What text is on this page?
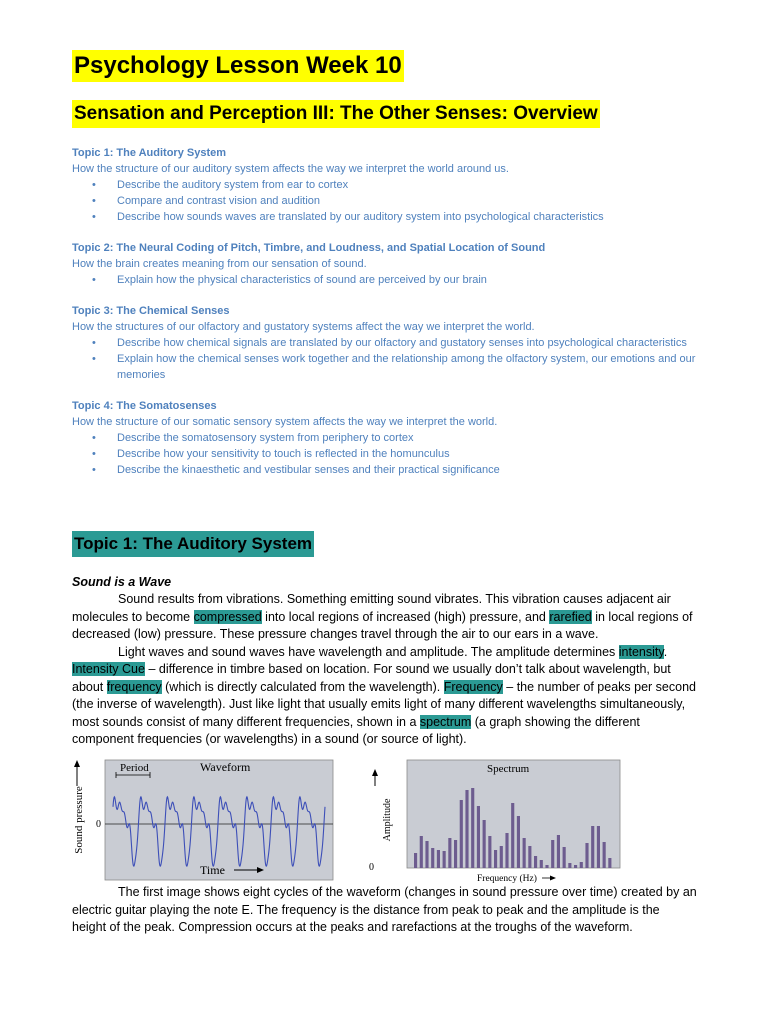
Psychology Lesson Week 10
Sensation and Perception III: The Other Senses: Overview
Topic 1: The Auditory System
How the structure of our auditory system affects the way we interpret the world around us.
• Describe the auditory system from ear to cortex
• Compare and contrast vision and audition
• Describe how sounds waves are translated by our auditory system into psychological characteristics
Topic 2: The Neural Coding of Pitch, Timbre, and Loudness, and Spatial Location of Sound
How the brain creates meaning from our sensation of sound.
• Explain how the physical characteristics of sound are perceived by our brain
Topic 3: The Chemical Senses
How the structures of our olfactory and gustatory systems affect the way we interpret the world.
• Describe how chemical signals are translated by our olfactory and gustatory senses into psychological characteristics
• Explain how the chemical senses work together and the relationship among the olfactory system, our emotions and our memories
Topic 4: The Somatosenses
How the structure of our somatic sensory system affects the way we interpret the world.
• Describe the somatosensory system from periphery to cortex
• Describe how your sensitivity to touch is reflected in the homunculus
• Describe the kinaesthetic and vestibular senses and their practical significance
Topic 1: The Auditory System
Sound is a Wave

Sound results from vibrations. Something emitting sound vibrates. This vibration causes adjacent air molecules to become compressed into local regions of increased (high) pressure, and rarefied in local regions of decreased (low) pressure. These pressure changes travel through the air to our ears in a wave.

Light waves and sound waves have wavelength and amplitude. The amplitude determines intensity. Intensity Cue – difference in timbre based on location. For sound we usually don’t talk about wavelength, but about frequency (which is directly calculated from the wavelength). Frequency – the number of peaks per second (the inverse of wavelength). Just like light that usually emits light of many different wavelengths simultaneously, most sounds consist of many different frequencies, shown in a spectrum (a graph showing the different component frequencies (or wavelengths) in a sound (or source of light).

Sound pressure 0
Period	Waveform
Time
Amplitude
0
Spectrum
Frequency (Hz)

The first image shows eight cycles of the waveform (changes in sound pressure over time) created by an electric guitar playing the note E. The frequency is the distance from peak to peak and the amplitude is the height of the peak. Compression occurs at the peaks and rarefactions at the troughs of the waveform.
